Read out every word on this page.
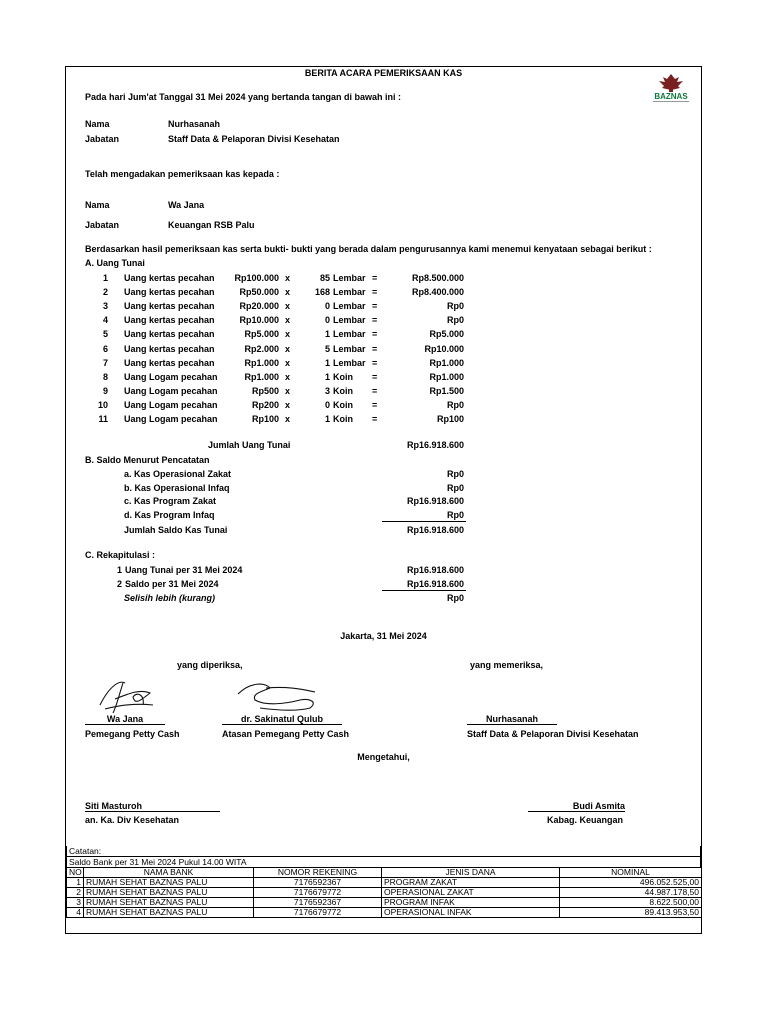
BAZNAS
BERITA ACARA PEMERIKSAAN KAS
Pada hari Jum'at Tanggal 31 Mei 2024 yang bertanda tangan di bawah ini :
Nama	Nurhasanah
Jabatan	Staff Data & Pelaporan Divisi Kesehatan
Telah mengadakan pemeriksaan kas kepada :
Nama	Wa Jana
Jabatan	Keuangan RSB Palu
Berdasarkan hasil pemeriksaan kas serta bukti- bukti yang berada dalam pengurusannya kami menemui kenyataan sebagai berikut :
A. Uang Tunai
1 Uang kertas pecahan	Rp100.000 x	85 Lembar =	Rp8.500.000
2 Uang kertas pecahan	Rp50.000 x	168 Lembar =	Rp8.400.000
3 Uang kertas pecahan	Rp20.000 x	0 Lembar =	Rp0
4 Uang kertas pecahan	Rp10.000 x	0 Lembar =	Rp0
5 Uang kertas pecahan	Rp5.000 x	1 Lembar =	Rp5.000
6 Uang kertas pecahan	Rp2.000 x	5 Lembar =	Rp10.000
7 Uang kertas pecahan	Rp1.000 x	1 Lembar =	Rp1.000
8 Uang Logam pecahan	Rp1.000 x	1 Koin =	Rp1.000
9 Uang Logam pecahan	Rp500 x	3 Koin =	Rp1.500
10 Uang Logam pecahan	Rp200 x	0 Koin =	Rp0
11 Uang Logam pecahan	Rp100 x	1 Koin =	Rp100
Jumlah Uang Tunai	Rp16.918.600
B. Saldo Menurut Pencatatan
a. Kas Operasional Zakat	Rp0
b. Kas Operasional Infaq	Rp0
c. Kas Program Zakat	Rp16.918.600
d. Kas Program Infaq	Rp0
Jumlah Saldo Kas Tunai	Rp16.918.600
C. Rekapitulasi :
1 Uang Tunai per 31 Mei 2024	Rp16.918.600
2 Saldo per 31 Mei 2024	Rp16.918.600
Selisih lebih (kurang)	Rp0
Jakarta, 31 Mei 2024
yang diperiksa,	yang memeriksa,
Wa Jana
Pemegang Petty Cash
dr. Sakinatul Qulub
Atasan Pemegang Petty Cash
Nurhasanah
Staff Data & Pelaporan Divisi Kesehatan
Mengetahui,
Siti Masturoh
an. Ka. Div Kesehatan
Budi Asmita
Kabag. Keuangan
Catatan:
Saldo Bank per 31 Mei 2024 Pukul 14.00 WITA
NO	NAMA BANK	NOMOR REKENING	JENIS DANA	NOMINAL
1	RUMAH SEHAT BAZNAS PALU	7176592367	PROGRAM ZAKAT	496.052.525,00
2	RUMAH SEHAT BAZNAS PALU	7176679772	OPERASIONAL ZAKAT	44.987.178,50
3	RUMAH SEHAT BAZNAS PALU	7176592367	PROGRAM INFAK	8.622.500,00
4	RUMAH SEHAT BAZNAS PALU	7176679772	OPERASIONAL INFAK	89.413.953,50
